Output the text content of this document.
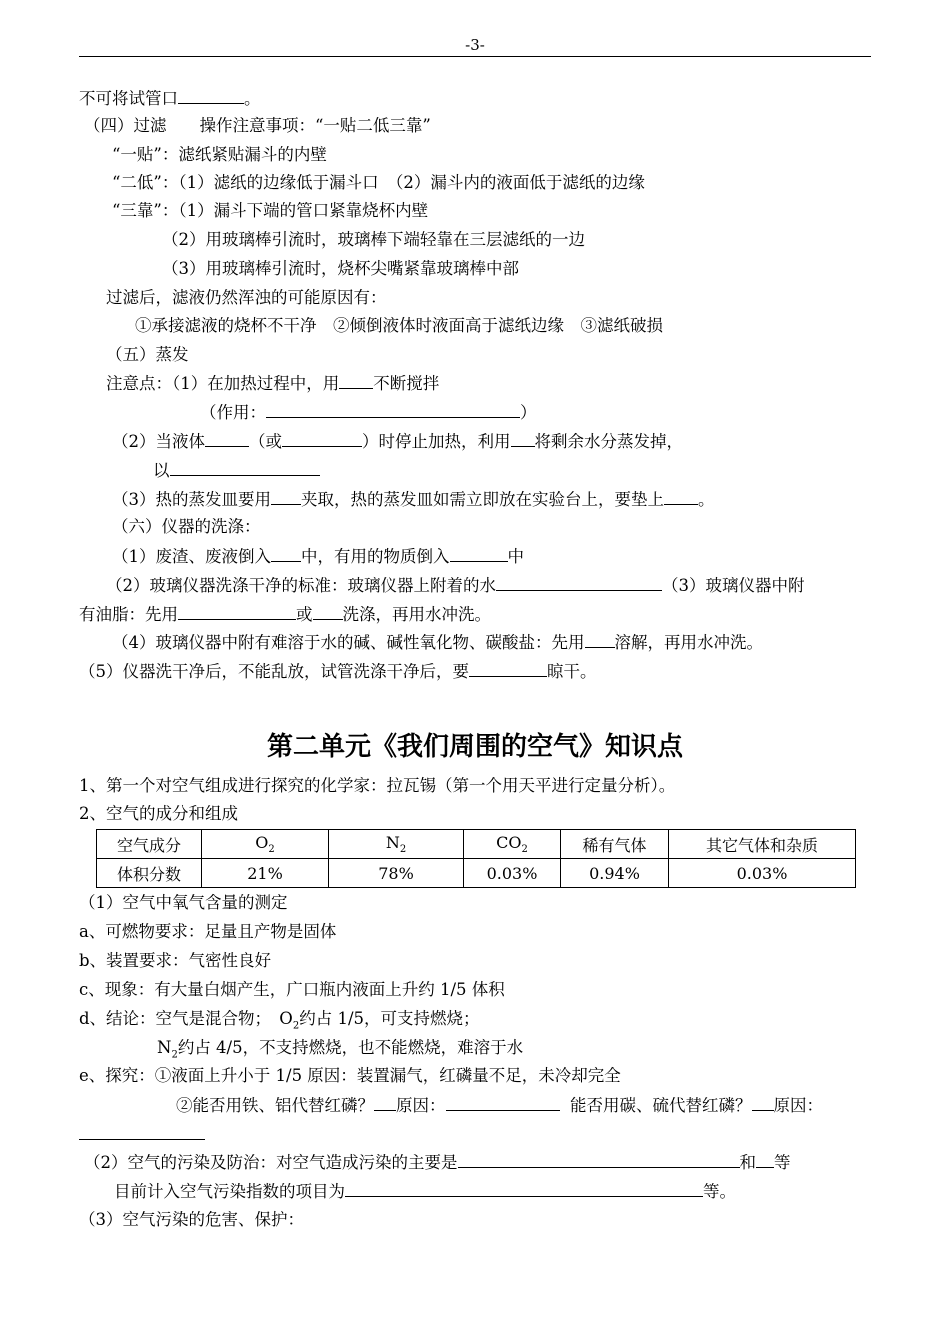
-3-
不可将试管口	。
（四）过滤　　操作注意事项：“一贴二低三靠”
“一贴”：滤纸紧贴漏斗的内壁
“二低”：（1）滤纸的边缘低于漏斗口　（2）漏斗内的液面低于滤纸的边缘
“三靠”：（1）漏斗下端的管口紧靠烧杯内壁
（2）用玻璃棒引流时，玻璃棒下端轻靠在三层滤纸的一边
（3）用玻璃棒引流时，烧杯尖嘴紧靠玻璃棒中部
过滤后，滤液仍然浑浊的可能原因有：
①承接滤液的烧杯不干净　②倾倒液体时液面高于滤纸边缘　③滤纸破损
（五）蒸发
注意点：（1）在加热过程中，用 不断搅拌
（作用：	）
（2）当液体	（或	）时停止加热，利用 将剩余水分蒸发掉，
以
（3）热的蒸发皿要用 夹取，热的蒸发皿如需立即放在实验台上，要垫上 。
（六）仪器的洗涤：
（1）废渣、废液倒入 中，有用的物质倒入	中
（2）玻璃仪器洗涤干净的标准：玻璃仪器上附着的水	（3）玻璃仪器中附
有油脂：先用	或 洗涤，再用水冲洗。
（4）玻璃仪器中附有难溶于水的碱、碱性氧化物、碳酸盐：先用 溶解，再用水冲洗。
（5）仪器洗干净后，不能乱放，试管洗涤干净后，要	晾干。
第二单元《我们周围的空气》知识点
1、第一个对空气组成进行探究的化学家：拉瓦锡（第一个用天平进行定量分析）。
2、空气的成分和组成
空气成分	$O_2$	$N_2$	$CO_2$	稀有气体	其它气体和杂质
体积分数	21%	78%	0.03%	0.94%	0.03%
（1）空气中氧气含量的测定
a、可燃物要求：足量且产物是固体
b、装置要求：气密性良好
c、现象：有大量白烟产生，广口瓶内液面上升约 1/5 体积
d、结论：空气是混合物；　$O_2$约占 1/5，可支持燃烧；
$N_2$约占 4/5，不支持燃烧，也不能燃烧，难溶于水
e、探究：①液面上升小于 1/5 原因：装置漏气，红磷量不足，未冷却完全
②能否用铁、铝代替红磷？ 原因：	能否用碳、硫代替红磷？ 原因：
（2）空气的污染及防治：对空气造成污染的主要是	和 等
目前计入空气污染指数的项目为	等。
（3）空气污染的危害、保护：
